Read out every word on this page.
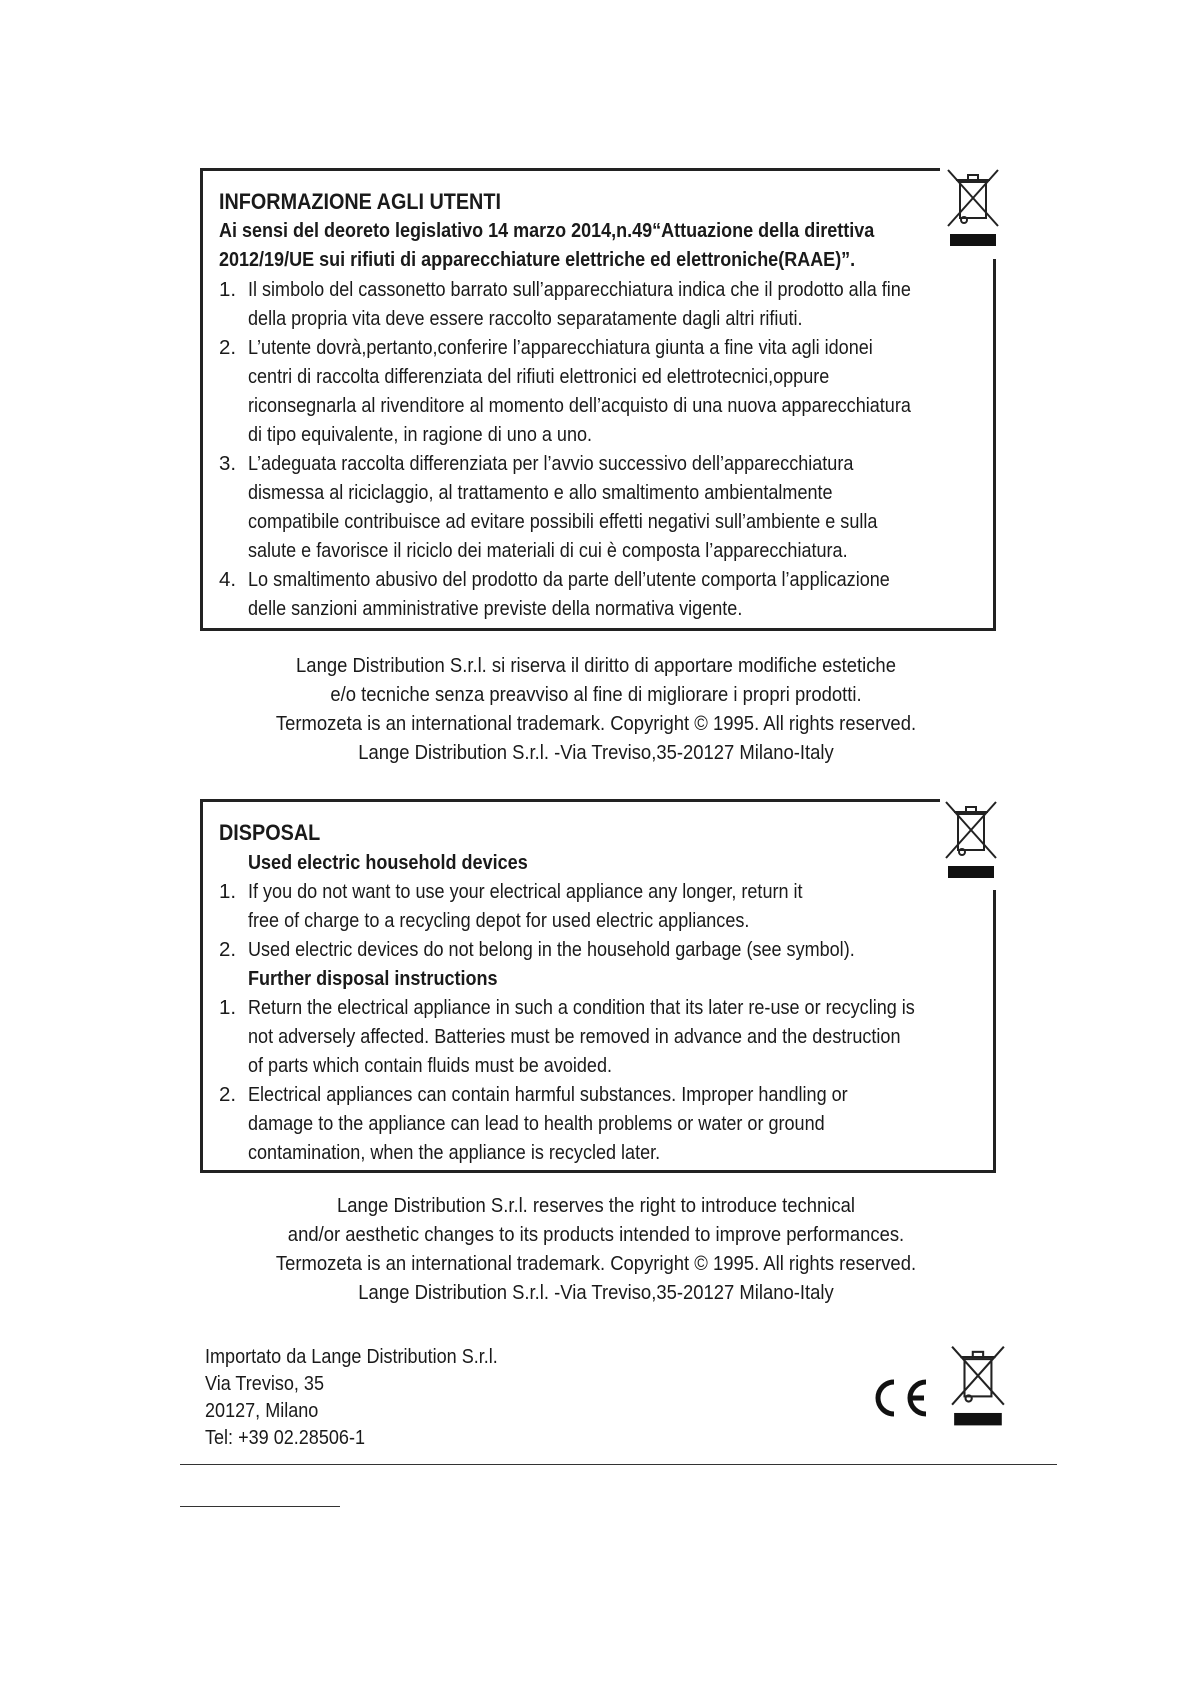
INFORMAZIONE AGLI UTENTI
Ai sensi del deoreto legislativo 14 marzo 2014,n.49“Attuazione della direttiva
2012/19/UE sui rifiuti di apparecchiature elettriche ed elettroniche(RAAE)”.
1. Il simbolo del cassonetto barrato sull’apparecchiatura indica che il prodotto alla fine
della propria vita deve essere raccolto separatamente dagli altri rifiuti.
2. L’utente dovrà,pertanto,conferire l’apparecchiatura giunta a fine vita agli idonei
centri di raccolta differenziata del rifiuti elettronici ed elettrotecnici,oppure
riconsegnarla al rivenditore al momento dell’acquisto di una nuova apparecchiatura
di tipo equivalente, in ragione di uno a uno.
3. L’adeguata raccolta differenziata per l’avvio successivo dell’apparecchiatura
dismessa al riciclaggio, al trattamento e allo smaltimento ambientalmente
compatibile contribuisce ad evitare possibili effetti negativi sull’ambiente e sulla
salute e favorisce il riciclo dei materiali di cui è composta l’apparecchiatura.
4. Lo smaltimento abusivo del prodotto da parte dell’utente comporta l’applicazione
delle sanzioni amministrative previste della normativa vigente.
Lange Distribution S.r.l. si riserva il diritto di apportare modifiche estetiche
e/o tecniche senza preavviso al fine di migliorare i propri prodotti.
Termozeta is an international trademark. Copyright © 1995. All rights reserved.
Lange Distribution S.r.l. -Via Treviso,35-20127 Milano-Italy
DISPOSAL
Used electric household devices
1. If you do not want to use your electrical appliance any longer, return it
free of charge to a recycling depot for used electric appliances.
2. Used electric devices do not belong in the household garbage (see symbol).
Further disposal instructions
1. Return the electrical appliance in such a condition that its later re-use or recycling is
not adversely affected. Batteries must be removed in advance and the destruction
of parts which contain fluids must be avoided.
2. Electrical appliances can contain harmful substances. Improper handling or
damage to the appliance can lead to health problems or water or ground
contamination, when the appliance is recycled later.
Lange Distribution S.r.l. reserves the right to introduce technical
and/or aesthetic changes to its products intended to improve performances.
Termozeta is an international trademark. Copyright © 1995. All rights reserved.
Lange Distribution S.r.l. -Via Treviso,35-20127 Milano-Italy
Importato da Lange Distribution S.r.l.
Via Treviso, 35
20127, Milano
Tel: +39 02.28506-1
